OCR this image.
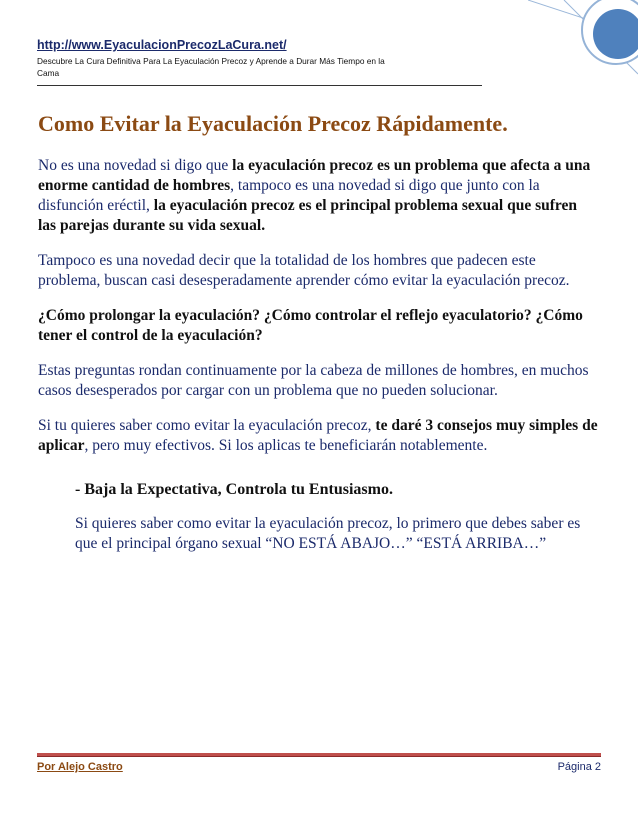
http://www.EyaculacionPrecozLaCura.net/
Descubre La Cura Definitiva Para La Eyaculación Precoz y Aprende a Durar Más Tiempo en la Cama
Como Evitar la Eyaculación Precoz Rápidamente.

No es una novedad si digo que la eyaculación precoz es un problema que afecta a una enorme cantidad de hombres, tampoco es una novedad si digo que junto con la disfunción eréctil, la eyaculación precoz es el principal problema sexual que sufren las parejas durante su vida sexual.

Tampoco es una novedad decir que la totalidad de los hombres que padecen este problema, buscan casi desesperadamente aprender cómo evitar la eyaculación precoz.

¿Cómo prolongar la eyaculación? ¿Cómo controlar el reflejo eyaculatorio? ¿Cómo tener el control de la eyaculación?

Estas preguntas rondan continuamente por la cabeza de millones de hombres, en muchos casos desesperados por cargar con un problema que no pueden solucionar.

Si tu quieres saber como evitar la eyaculación precoz, te daré 3 consejos muy simples de aplicar, pero muy efectivos. Si los aplicas te beneficiarán notablemente.

- Baja la Expectativa, Controla tu Entusiasmo.

Si quieres saber como evitar la eyaculación precoz, lo primero que debes saber es que el principal órgano sexual “NO ESTÁ ABAJO…” “ESTÁ ARRIBA…”

Por Alejo Castro	Página 2
